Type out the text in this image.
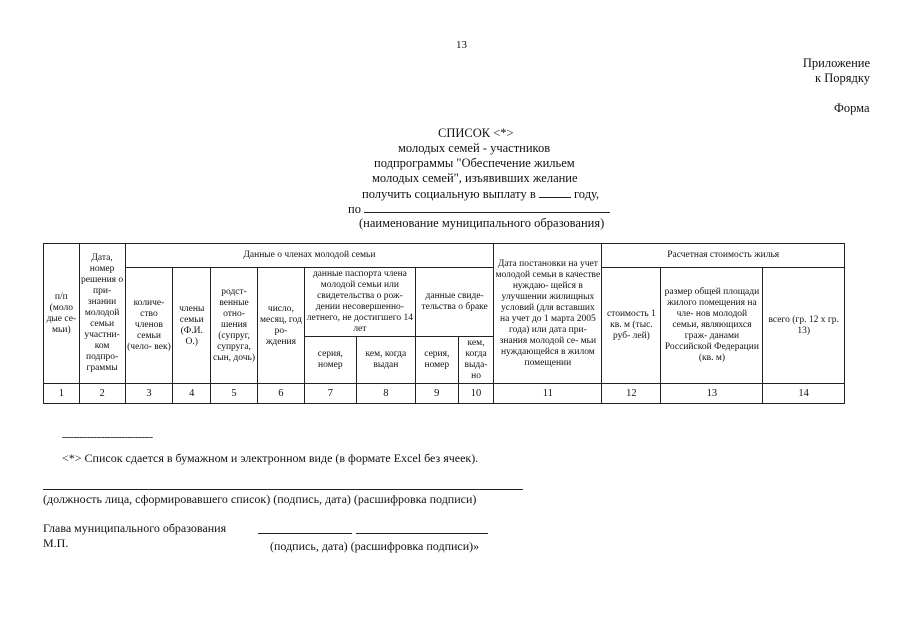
13
Приложение
к Порядку
Форма
СПИСОК <*>
молодых семей - участников
подпрограммы "Обеспечение жильем
молодых семей", изъявивших желание
получить социальную выплату в	году,
по
(наименование муниципального образования)
п/п (моло дые се- мьи)	Дата, номер решения о при- знании молодой семьи участни- ком подпро- граммы	Данные о членах молодой семьи								Дата постановки на учет молодой семьи в качестве нуждаю- щейся в улучшении жилищных условий (для вставших на учет до 1 марта 2005 года) или дата при- знания молодой се- мьи нуждающейся в жилом помещении	Расчетная стоимость жилья		
		количе- ство членов семьи (чело- век)	члены семьи (Ф.И. О.)	родст- венные отно- шения (супруг, супруга, сын, дочь)	число, месяц, год ро- ждения	данные паспорта члена молодой семьи или свидетельства о рож- дении несовершенно- летнего, не достигшего 14 лет		данные свиде- тельства о браке			стоимость 1 кв. м (тыс. руб- лей)	размер общей площади жилого помещения на чле- нов молодой семьи, являющихся граж- данами Российской Федерации (кв. м)	всего (гр. 12 х гр. 13)
						серия, номер	кем, когда выдан	серия, номер	кем, когда выда- но				
1	2	3	4	5	6	7	8	9	10	11	12	13	14
--------------------------------
<*> Список сдается в бумажном и электронном виде (в формате Excel без ячеек).
(должность лица, сформировавшего список) (подпись, дата) (расшифровка подписи)
Глава муниципального образования
М.П.	(подпись, дата) (расшифровка подписи)»
